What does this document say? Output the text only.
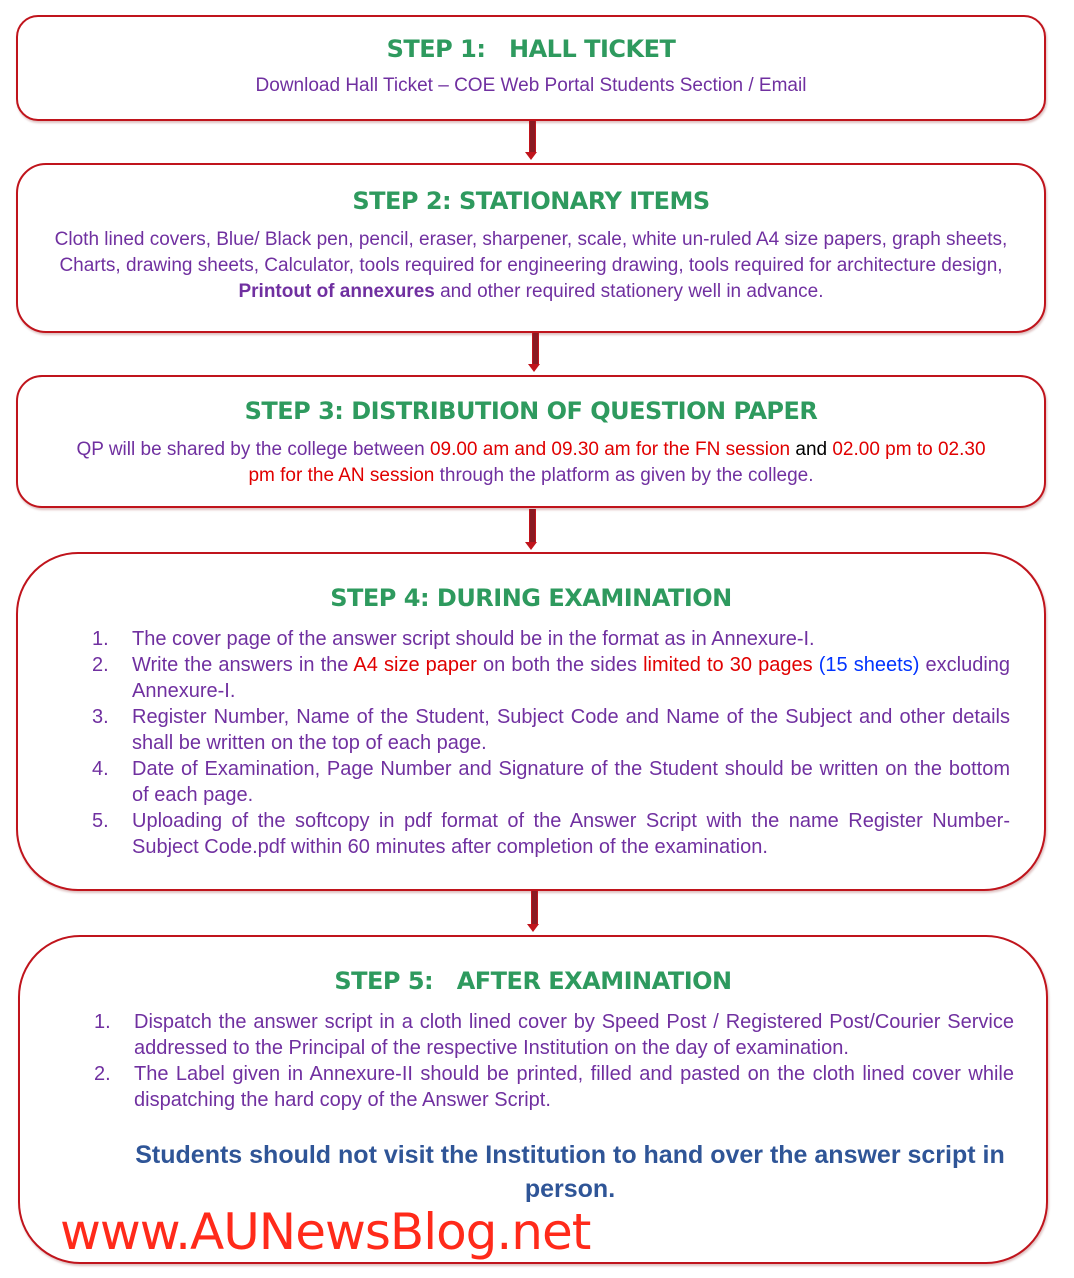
STEP 1:   HALL TICKET
Download Hall Ticket – COE Web Portal Students Section / Email
STEP 2: STATIONARY ITEMS
Cloth lined covers, Blue/ Black pen, pencil, eraser, sharpener, scale, white un-ruled A4 size papers, graph sheets, Charts, drawing sheets, Calculator, tools required for engineering drawing, tools required for architecture design, Printout of annexures and other required stationery well in advance.
STEP 3: DISTRIBUTION OF QUESTION PAPER
QP will be shared by the college between 09.00 am and 09.30 am for the FN session and 02.00 pm to 02.30 pm for the AN session through the platform as given by the college.
STEP 4: DURING EXAMINATION
1. The cover page of the answer script should be in the format as in Annexure-I.
2. Write the answers in the A4 size paper on both the sides limited to 30 pages (15 sheets) excluding Annexure-I.
3. Register Number, Name of the Student, Subject Code and Name of the Subject and other details shall be written on the top of each page.
4. Date of Examination, Page Number and Signature of the Student should be written on the bottom of each page.
5. Uploading of the softcopy in pdf format of the Answer Script with the name Register Number-Subject Code.pdf within 60 minutes after completion of the examination.
STEP 5:   AFTER EXAMINATION
1. Dispatch the answer script in a cloth lined cover by Speed Post / Registered Post/Courier Service addressed to the Principal of the respective Institution on the day of examination.
2. The Label given in Annexure-II should be printed, filled and pasted on the cloth lined cover while dispatching the hard copy of the Answer Script.
Students should not visit the Institution to hand over the answer script in person.
www.AUNewsBlog.net
